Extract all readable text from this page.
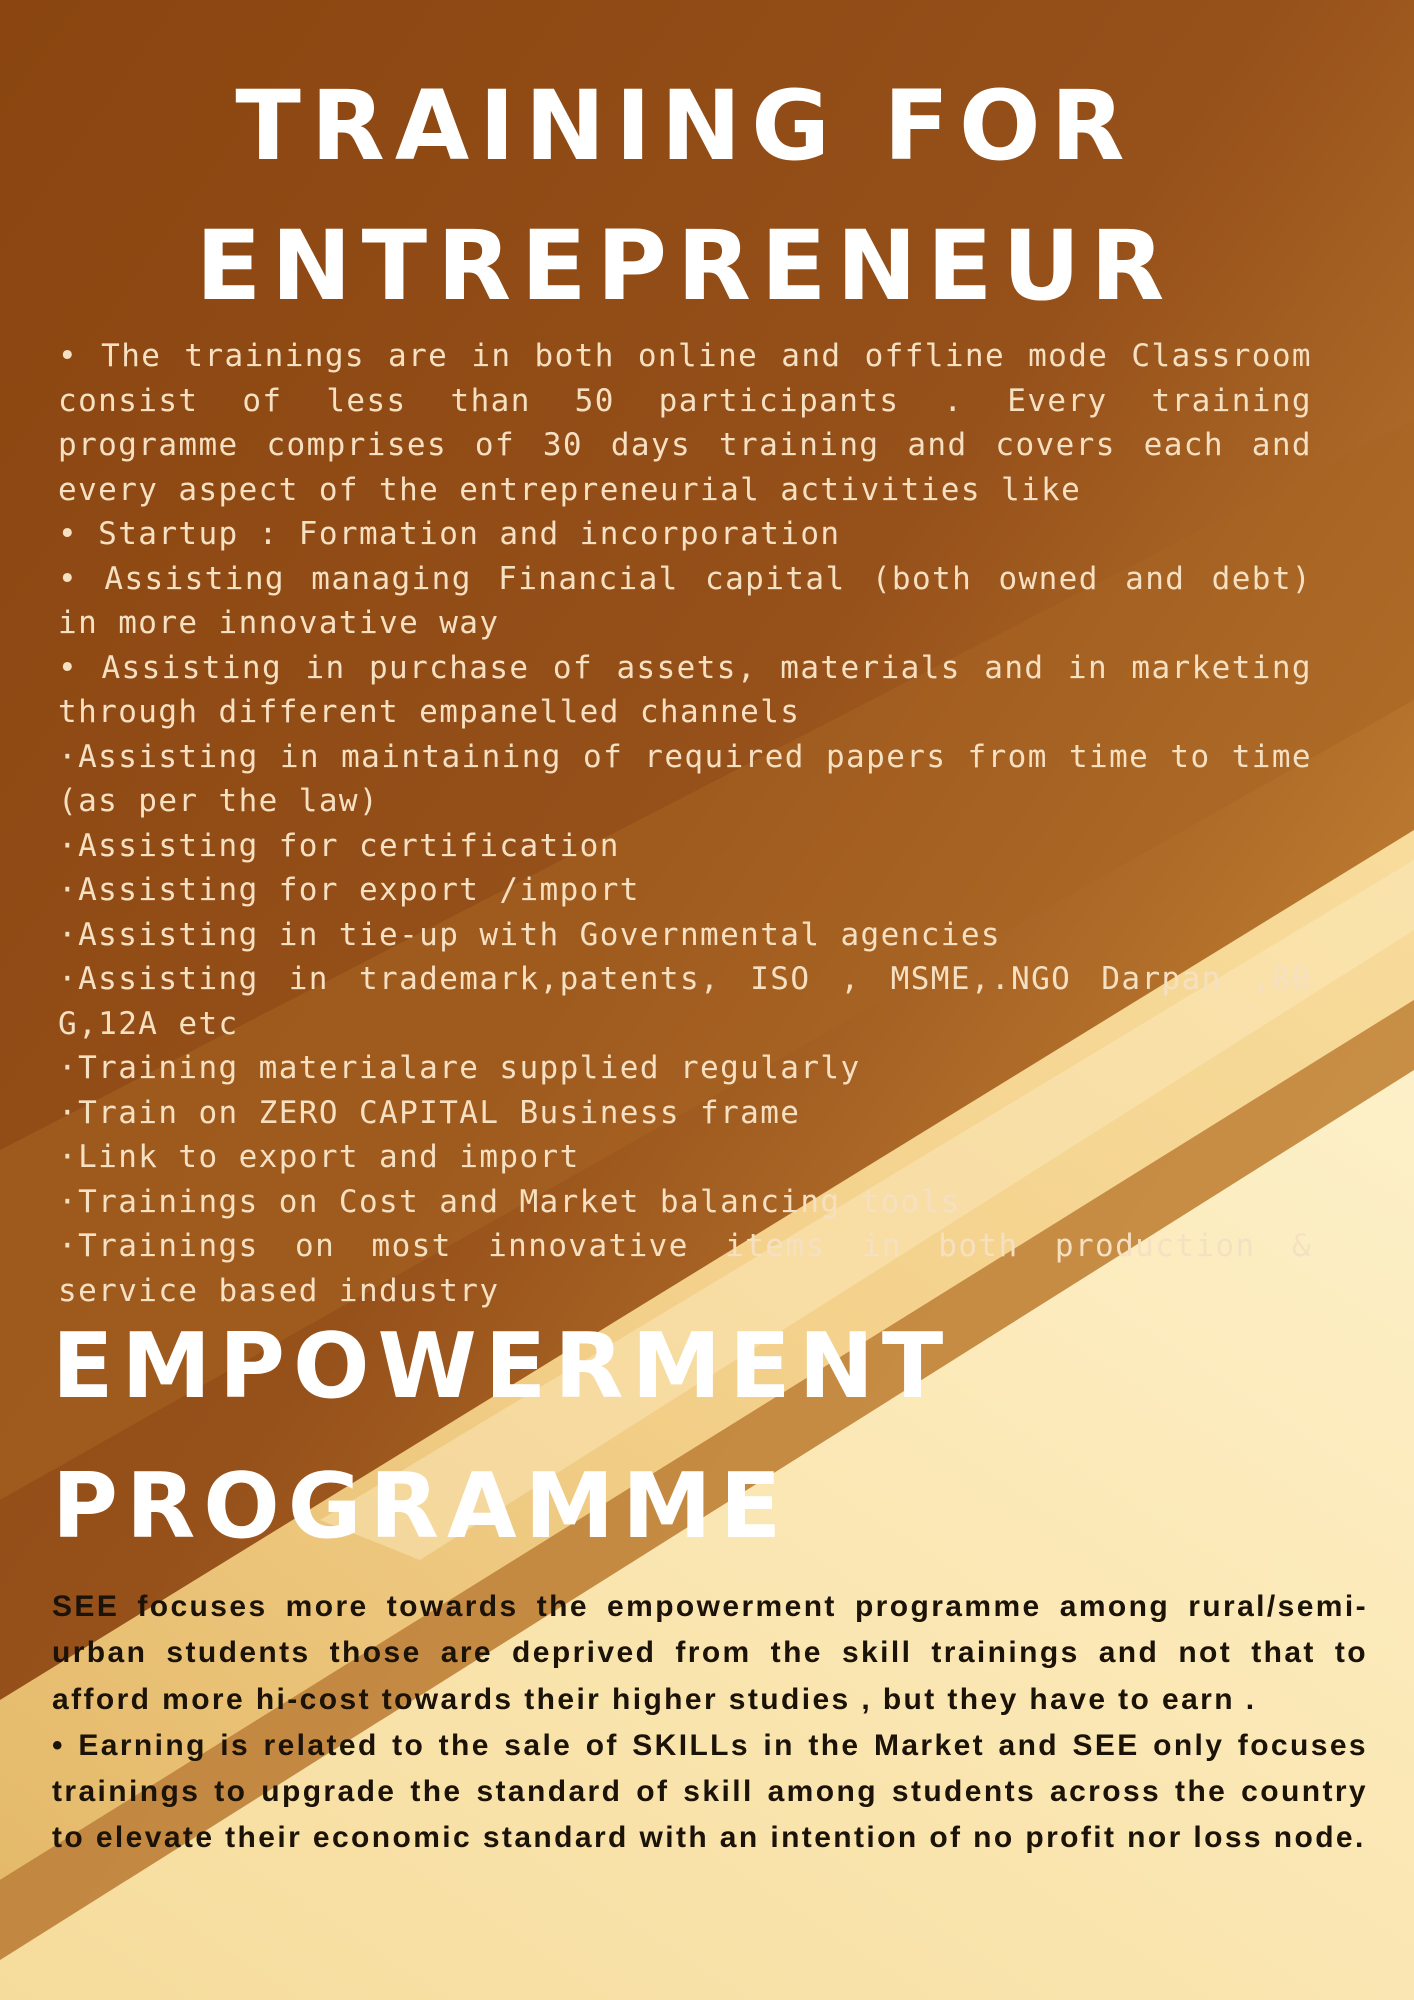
TRAINING FOR
ENTREPRENEUR
• The trainings are in both online and offline mode Classroom consist of less than 50 participants . Every training programme comprises of 30 days training and covers each and every aspect of the entrepreneurial activities like
• Startup : Formation and incorporation
• Assisting managing Financial capital (both owned and debt) in more innovative way
• Assisting in purchase of assets, materials and in marketing through different empanelled channels
·Assisting in maintaining of required papers from time to time (as per the law)
·Assisting for certification
·Assisting for export /import
·Assisting in tie-up with Governmental agencies
·Assisting in trademark,patents, ISO , MSME,.NGO Darpan ,80 G,12A etc
·Training materialare supplied regularly
·Train on ZERO CAPITAL Business frame
·Link to export and import
·Trainings on Cost and Market balancing tools
·Trainings on most innovative items in both production & service based industry
EMPOWERMENT
PROGRAMME
SEE focuses more towards the empowerment programme among rural/semi-urban students those are deprived from the skill trainings and not that to afford more hi-cost towards their higher studies , but they have to earn .
• Earning is related to the sale of SKILLs in the Market and SEE only focuses trainings to upgrade the standard of skill among students across the country to elevate their economic standard with an intention of no profit nor loss node.
